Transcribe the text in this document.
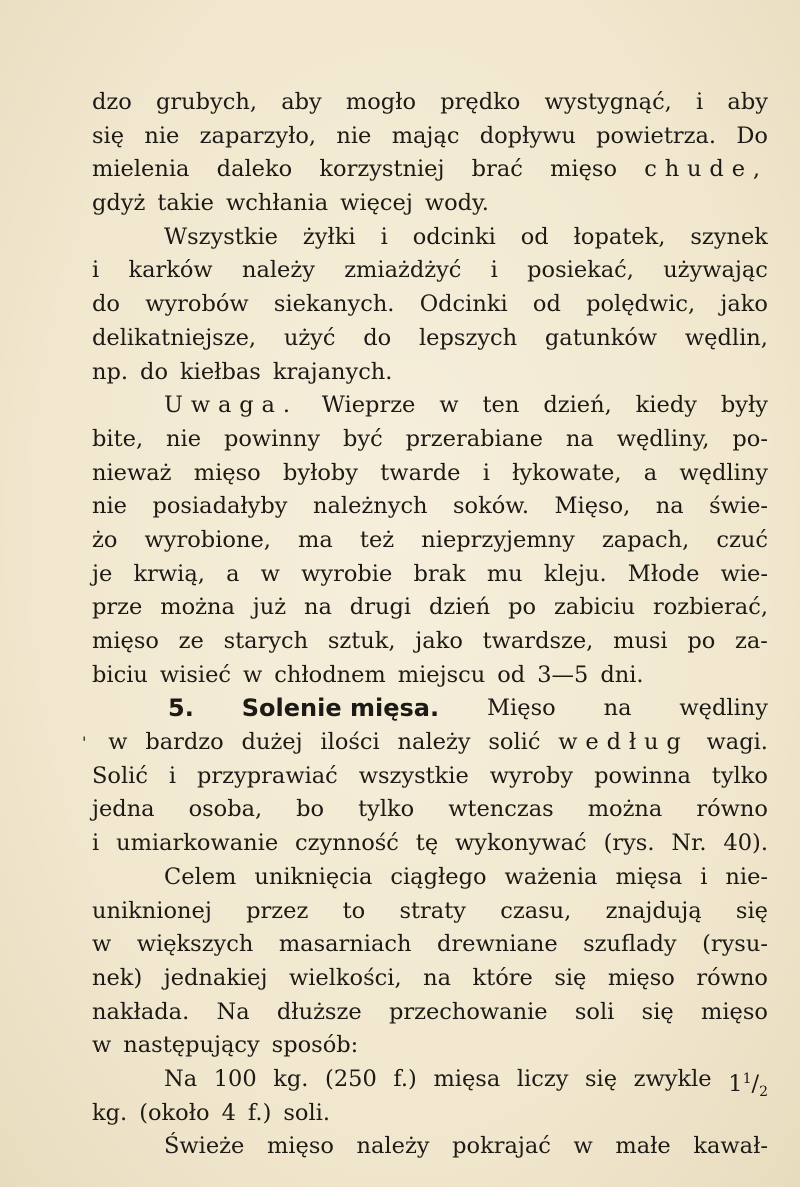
dzo grubych, aby mogło prędko wystygnąć, i aby
się nie zaparzyło, nie mając dopływu powietrza. Do
mielenia daleko korzystniej brać mięso chude,
gdyż takie wchłania więcej wody.
Wszystkie żyłki i odcinki od łopatek, szynek
i karków należy zmiażdżyć i posiekać, używając
do wyrobów siekanych. Odcinki od polędwic, jako
delikatniejsze, użyć do lepszych gatunków wędlin,
np. do kiełbas krajanych.
Uwaga. Wieprze w ten dzień, kiedy były
bite, nie powinny być przerabiane na wędliny, po-
nieważ mięso byłoby twarde i łykowate, a wędliny
nie posiadałyby należnych soków. Mięso, na świe-
żo wyrobione, ma też nieprzyjemny zapach, czuć
je krwią, a w wyrobie brak mu kleju. Młode wie-
prze można już na drugi dzień po zabiciu rozbierać,
mięso ze starych sztuk, jako twardsze, musi po za-
biciu wisieć w chłodnem miejscu od 3—5 dni.
5. Solenie mięsa. Mięso na wędliny
' w bardzo dużej ilości należy solić według wagi.
Solić i przyprawiać wszystkie wyroby powinna tylko
jedna osoba, bo tylko wtenczas można równo
i umiarkowanie czynność tę wykonywać (rys. Nr. 40).
Celem uniknięcia ciągłego ważenia mięsa i nie-
uniknionej przez to straty czasu, znajdują się
w większych masarniach drewniane szuflady (rysu-
nek) jednakiej wielkości, na które się mięso równo
nakłada. Na dłuższe przechowanie soli się mięso
w następujący sposób:
Na 100 kg. (250 f.) mięsa liczy się zwykle $1^1/_2$
kg. (około 4 f.) soli.
Świeże mięso należy pokrajać w małe kawał-
